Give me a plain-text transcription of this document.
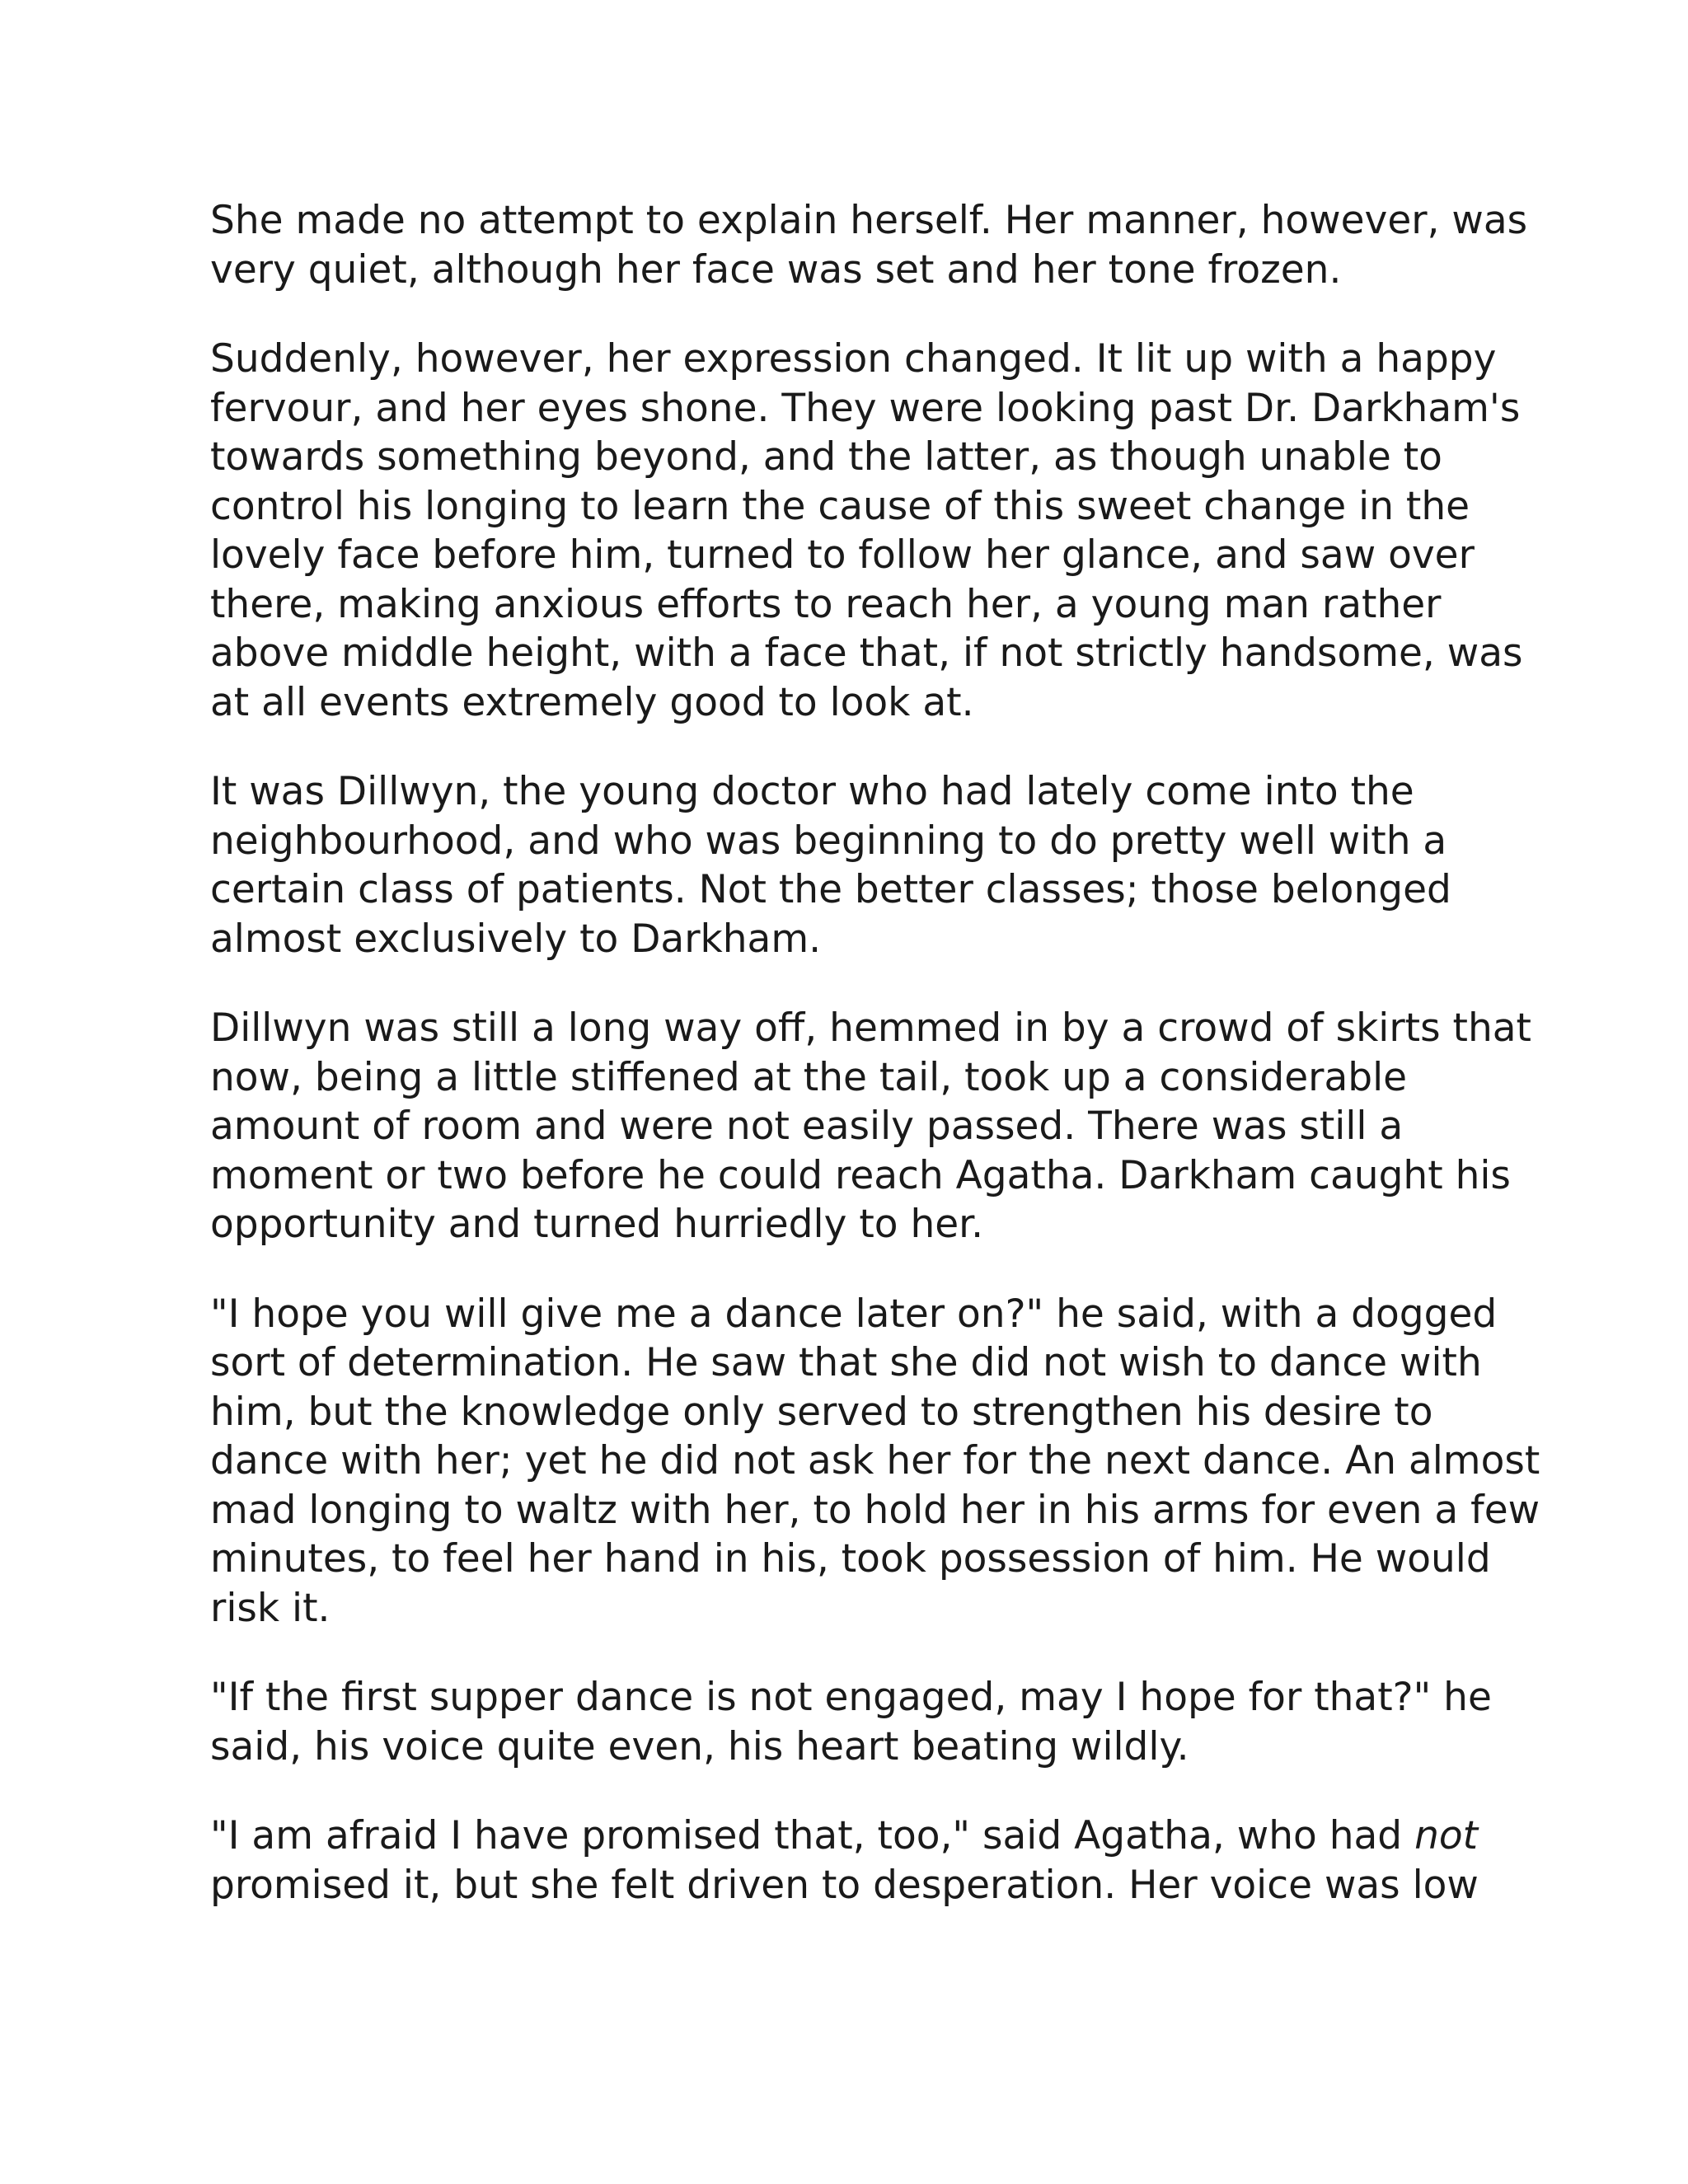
She made no attempt to explain herself. Her manner, however, was
very quiet, although her face was set and her tone frozen.

Suddenly, however, her expression changed. It lit up with a happy
fervour, and her eyes shone. They were looking past Dr. Darkham's
towards something beyond, and the latter, as though unable to
control his longing to learn the cause of this sweet change in the
lovely face before him, turned to follow her glance, and saw over
there, making anxious efforts to reach her, a young man rather
above middle height, with a face that, if not strictly handsome, was
at all events extremely good to look at.

It was Dillwyn, the young doctor who had lately come into the
neighbourhood, and who was beginning to do pretty well with a
certain class of patients. Not the better classes; those belonged
almost exclusively to Darkham.

Dillwyn was still a long way off, hemmed in by a crowd of skirts that
now, being a little stiffened at the tail, took up a considerable
amount of room and were not easily passed. There was still a
moment or two before he could reach Agatha. Darkham caught his
opportunity and turned hurriedly to her.

"I hope you will give me a dance later on?" he said, with a dogged
sort of determination. He saw that she did not wish to dance with
him, but the knowledge only served to strengthen his desire to
dance with her; yet he did not ask her for the next dance. An almost
mad longing to waltz with her, to hold her in his arms for even a few
minutes, to feel her hand in his, took possession of him. He would
risk it.

"If the first supper dance is not engaged, may I hope for that?" he
said, his voice quite even, his heart beating wildly.

"I am afraid I have promised that, too," said Agatha, who had not
promised it, but she felt driven to desperation. Her voice was low
